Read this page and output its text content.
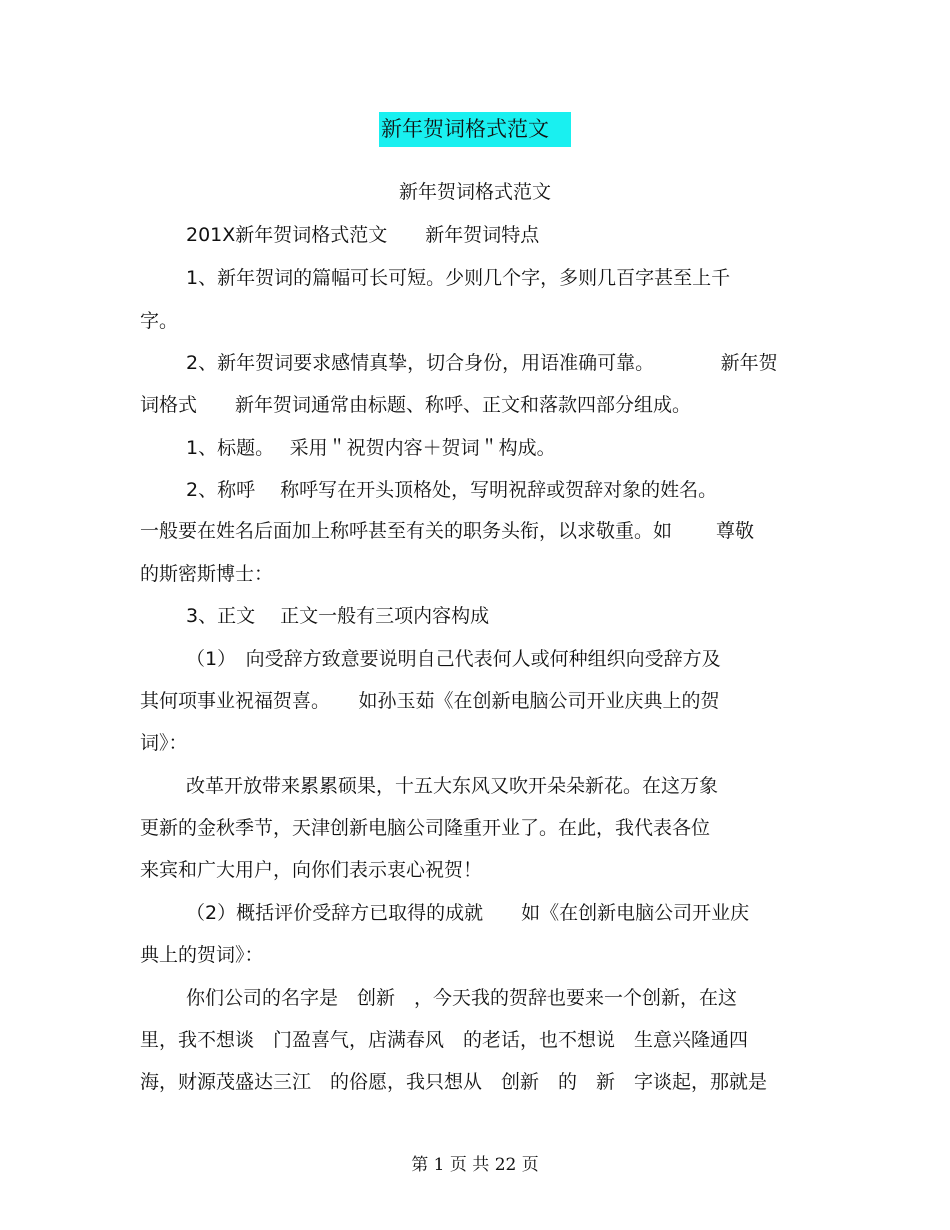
新年贺词格式范文
新年贺词格式范文
201X新年贺词格式范文　　新年贺词特点
1、新年贺词的篇幅可长可短。少则几个字，多则几百字甚至上千
字。
2、新年贺词要求感情真挚，切合身份，用语准确可靠。　　　　新年贺
词格式　　新年贺词通常由标题、称呼、正文和落款四部分组成。
1、标题。　 采用＂祝贺内容＋贺词＂构成。
2、称呼　 称呼写在开头顶格处，写明祝辞或贺辞对象的姓名。
一般要在姓名后面加上称呼甚至有关的职务头衔，以求敬重。如　　 尊敬
的斯密斯博士：
3、正文　 正文一般有三项内容构成
（1）　向受辞方致意要说明自己代表何人或何种组织向受辞方及
其何项事业祝福贺喜。　　如孙玉茹《在创新电脑公司开业庆典上的贺
词》：
改革开放带来累累硕果，十五大东风又吹开朵朵新花。在这万象
更新的金秋季节，天津创新电脑公司隆重开业了。在此，我代表各位
来宾和广大用户，向你们表示衷心祝贺！
（2）概括评价受辞方已取得的成就　　如《在创新电脑公司开业庆
典上的贺词》：
你们公司的名字是　创新　，今天我的贺辞也要来一个创新，在这
里，我不想谈　门盈喜气，店满春风　的老话，也不想说　生意兴隆通四
海，财源茂盛达三江　的俗愿，我只想从　创新　的　新　字谈起，那就是
第 1 页 共 22 页
